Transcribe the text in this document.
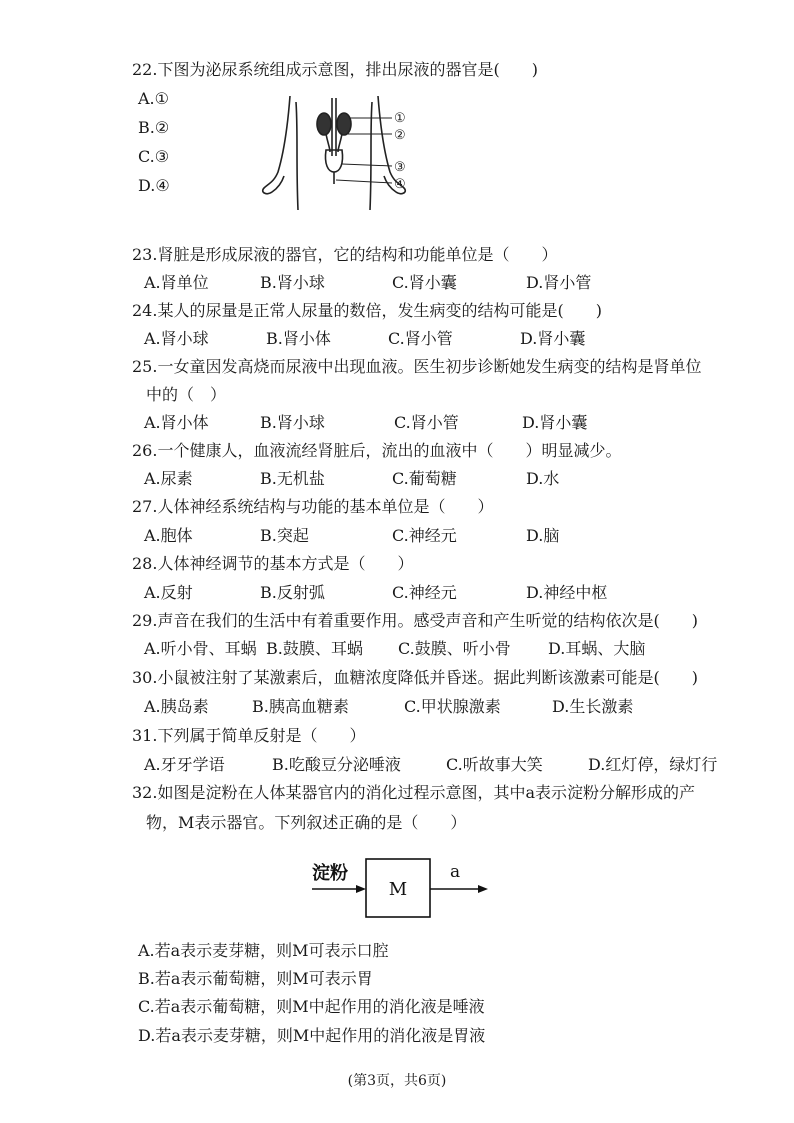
22.下图为泌尿系统组成示意图，排出尿液的器官是(　　)
A.①
B.②
C.③
D.④
①
②
③
④
23.肾脏是形成尿液的器官，它的结构和功能单位是（　　）
A.肾单位	B.肾小球	C.肾小囊	D.肾小管
24.某人的尿量是正常人尿量的数倍，发生病变的结构可能是(　　)
A.肾小球	B.肾小体	C.肾小管	D.肾小囊
25.一女童因发高烧而尿液中出现血液。医生初步诊断她发生病变的结构是肾单位
中的（　）
A.肾小体	B.肾小球	C.肾小管	D.肾小囊
26.一个健康人，血液流经肾脏后，流出的血液中（　　）明显减少。
A.尿素	B.无机盐	C.葡萄糖	D.水
27.人体神经系统结构与功能的基本单位是（　　）
A.胞体	B.突起	C.神经元	D.脑
28.人体神经调节的基本方式是（　　）
A.反射	B.反射弧	C.神经元	D.神经中枢
29.声音在我们的生活中有着重要作用。感受声音和产生听觉的结构依次是(　　)
A.听小骨、耳蜗 B.鼓膜、耳蜗 C.鼓膜、听小骨 D.耳蜗、大脑
30.小鼠被注射了某激素后，血糖浓度降低并昏迷。据此判断该激素可能是(　　)
A.胰岛素	B.胰高血糖素	C.甲状腺激素	D.生长激素
31.下列属于简单反射是（　　）
A.牙牙学语	B.吃酸豆分泌唾液	C.听故事大笑	D.红灯停，绿灯行
32.如图是淀粉在人体某器官内的消化过程示意图，其中a表示淀粉分解形成的产
物，M表示器官。下列叙述正确的是（　　）
淀粉
M
a
A.若a表示麦芽糖，则M可表示口腔
B.若a表示葡萄糖，则M可表示胃
C.若a表示葡萄糖，则M中起作用的消化液是唾液
D.若a表示麦芽糖，则M中起作用的消化液是胃液
(第3页，共6页)
